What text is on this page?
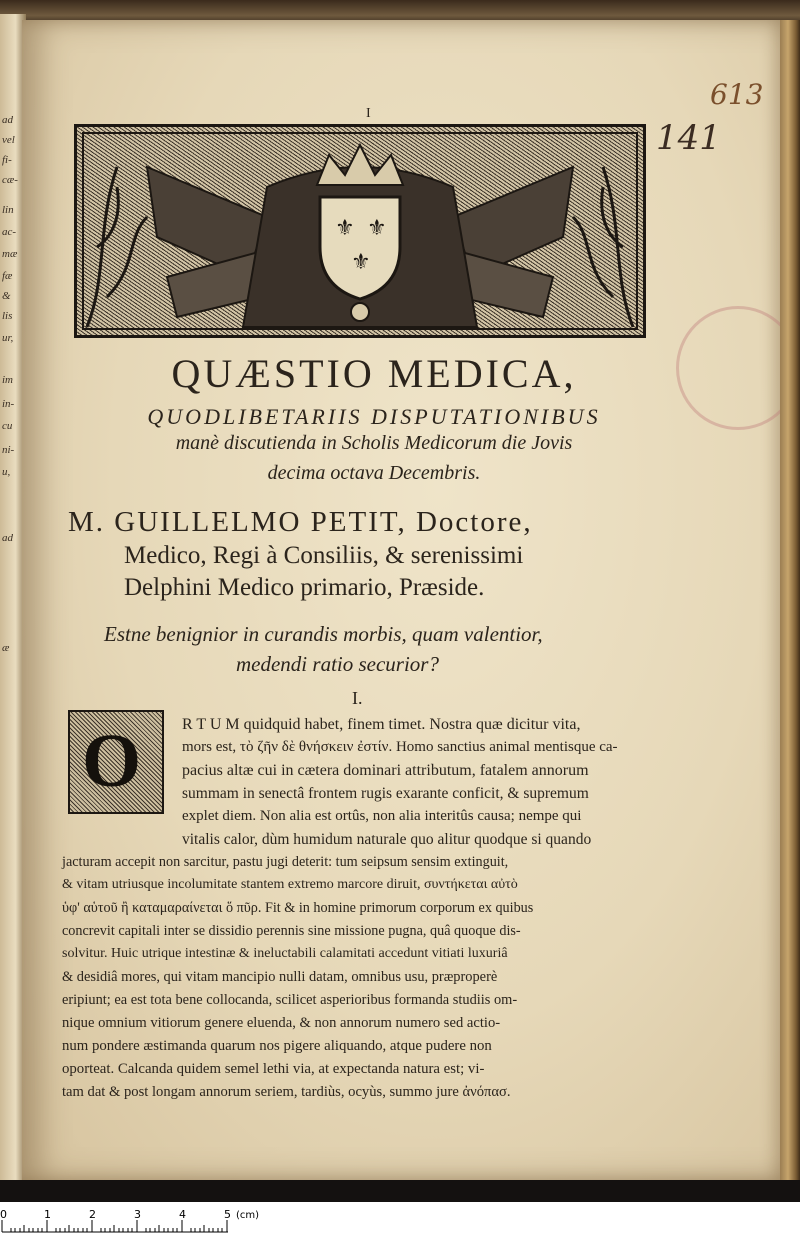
ad
vel
fi-
cæ-
lin
ac-
mæ
fæ
&
lis
ur,
im
in-
cu
ni-
u,
ad
æ
I
613
141
⚜ ⚜
⚜
QUÆSTIO MEDICA,
QUODLIBETARIIS DISPUTATIONIBUS
manè discutienda in Scholis Medicorum die Jovis
decima octava Decembris.
M. GUILLELMO PETIT, Doctore,
Medico, Regi à Consiliis, & serenissimi
Delphini Medico primario, Præside.
Estne benignior in curandis morbis, quam valentior,
medendi ratio securior?
I.
O	R T U M quidquid habet, finem timet. Nostra quæ dicitur vita,
mors est, τὸ ζῆν δὲ θνήσκειν ἐστίν. Homo sanctius animal mentisque ca-
pacius altæ cui in cætera dominari attributum, fatalem annorum
summam in senectâ frontem rugis exarante conficit, & supremum
explet diem. Non alia est ortûs, non alia interitûs causa; nempe qui
vitalis calor, dùm humidum naturale quo alitur quodque si quando
jacturam accepit non sarcitur, pastu jugi deterit: tum seipsum sensim extinguit,
& vitam utriusque incolumitate stantem extremo marcore diruit, συντήκεται αὐτὸ
ὑφ' αὑτοῦ ἢ καταμαραίνεται ὅ πῦρ. Fit & in homine primorum corporum ex quibus
concrevit capitali inter se dissidio perennis sine missione pugna, quâ quoque dis-
solvitur. Huic utrique intestinæ & ineluctabili calamitati accedunt vitiati luxuriâ
& desidiâ mores, qui vitam mancipio nulli datam, omnibus usu, præproperè
eripiunt; ea est tota bene collocanda, scilicet asperioribus formanda studiis om-
nique omnium vitiorum genere eluenda, & non annorum numero sed actio-
num pondere æstimanda quarum nos pigere aliquando, atque pudere non
oporteat. Calcanda quidem semel lethi via, at expectanda natura est; vi-
tam dat & post longam annorum seriem, tardiùs, ocyùs, summo jure ἀνόπασ.
0	1	2	3	4	5 (cm)
